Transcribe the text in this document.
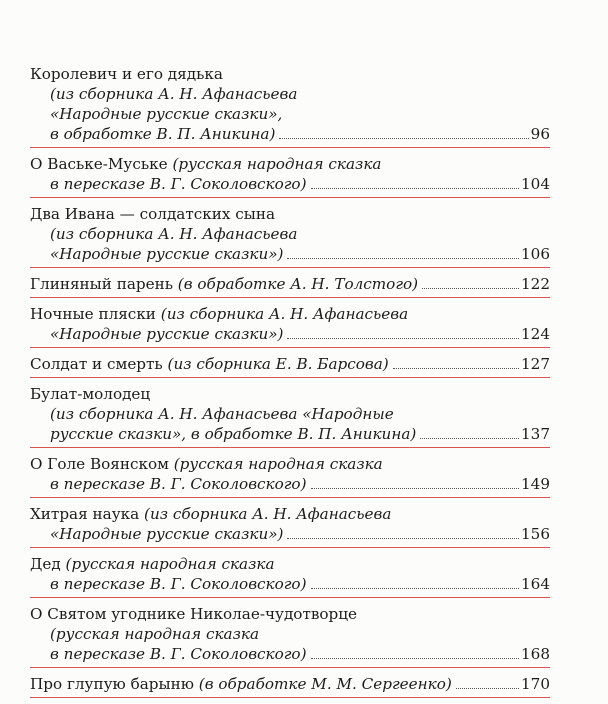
Королевич и его дядька
(из сборника А. Н. Афанасьева
«Народные русские сказки»,
в обработке В. П. Аникина)	96
О Ваське-Муське (русская народная сказка
в пересказе В. Г. Соколовского)	104
Два Ивана — солдатских сына
(из сборника А. Н. Афанасьева
«Народные русские сказки»)	106
Глиняный парень (в обработке А. Н. Толстого)	122
Ночные пляски (из сборника А. Н. Афанасьева
«Народные русские сказки»)	124
Солдат и смерть (из сборника Е. В. Барсова)	127
Булат-молодец
(из сборника А. Н. Афанасьева «Народные
русские сказки», в обработке В. П. Аникина)	137
О Голе Воянском (русская народная сказка
в пересказе В. Г. Соколовского)	149
Хитрая наука (из сборника А. Н. Афанасьева
«Народные русские сказки»)	156
Дед (русская народная сказка
в пересказе В. Г. Соколовского)	164
О Святом угоднике Николае-чудотворце
(русская народная сказка
в пересказе В. Г. Соколовского)	168
Про глупую барыню (в обработке М. М. Сергеенко)	170
